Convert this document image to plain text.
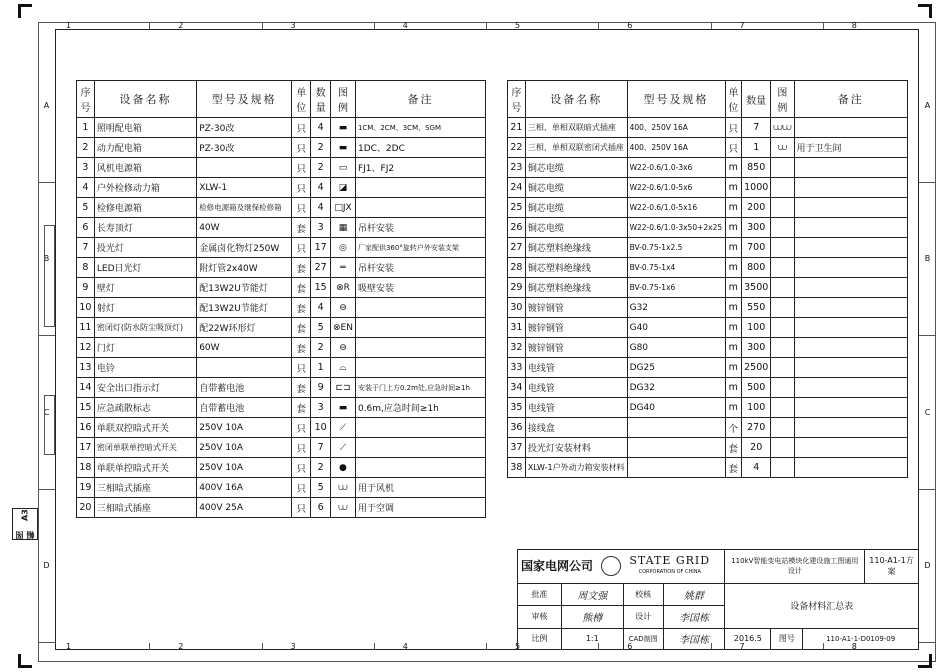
1	2	3	4	5	6	7	8
1	2	3	4	5	6	7	8
A
B
C
D
A
B
C
D
图幅

A3
序号	设备名称	型号及规格	单位	数量	图例	备注
1	照明配电箱	PZ-30改	只	4	▬	1CM、2CM、3CM、SGM
2	动力配电箱	PZ-30改	只	2	▬	1DC、2DC
3	风机电源箱		只	2	▭	FJ1、FJ2
4	户外检修动力箱	XLW-1	只	4	◪	
5	检修电源箱	检修电源箱及继保检修箱	只	4	□JX	
6	长寿顶灯	40W	套	3	▦	吊杆安装
7	投光灯	金属卤化物灯250W	只	17	◎	厂家配供360°旋转户外安装支架
8	LED日光灯	附灯管2x40W	套	27	═	吊杆安装
9	壁灯	配13W2U节能灯	套	15	⊗R	吸壁安装
10	射灯	配13W2U节能灯	套	4	⊖	
11	密闭灯(防水防尘吸顶灯)	配22W环形灯	套	5	⊗EN	
12	门灯	60W	套	2	⊖	
13	电铃		只	1	⌓	
14	安全出口指示灯	自带蓄电池	套	9	⊏⊐	安装于门上方0.2m处,应急时间≥1h
15	应急疏散标志	自带蓄电池	套	3	▬	0.6m,应急时间≥1h
16	单联双控暗式开关	250V 10A	只	10	⟋	
17	密闭单联单控暗式开关	250V 10A	只	7	⟋	
18	单联单控暗式开关	250V 10A	只	2	●	
19	三相暗式插座	400V 16A	只	5	⩊	用于风机
20	三相暗式插座	400V 25A	只	6	⩊	用于空调
序号	设备名称	型号及规格	单位	数量	图例	备注
21	三相、单相双联暗式插座	400、250V 16A	只	7	⩊⩊	
22	三相、单相双联密闭式插座	400、250V 16A	只	1	⩊	用于卫生间
23	铜芯电缆	W22-0.6/1.0-3x6	m	850		
24	铜芯电缆	W22-0.6/1.0-5x6	m	1000		
25	铜芯电缆	W22-0.6/1.0-5x16	m	200		
26	铜芯电缆	W22-0.6/1.0-3x50+2x25	m	300		
27	铜芯塑料绝缘线	BV-0.75-1x2.5	m	700		
28	铜芯塑料绝缘线	BV-0.75-1x4	m	800		
29	铜芯塑料绝缘线	BV-0.75-1x6	m	3500		
30	镀锌钢管	G32	m	550		
31	镀锌钢管	G40	m	100		
32	镀锌钢管	G80	m	300		
33	电线管	DG25	m	2500		
34	电线管	DG32	m	500		
35	电线管	DG40	m	100		
36	接线盒		个	270		
37	投光灯安装材料		套	20		
38	XLW-1户外动力箱安装材料		套	4		
国家电网公司 STATE GRID
CORPORATION OF CHINA				110kV智能变电站模块化建设施工图通用设计			110-A1-1方案
批准	周文强	校核	姚群	设备材料汇总表			
审核	熊樽	设计	李国栋				
比例	1:1	CAD制图	李国栋	2016.5	图号	110-A1-1-D0109-09	
